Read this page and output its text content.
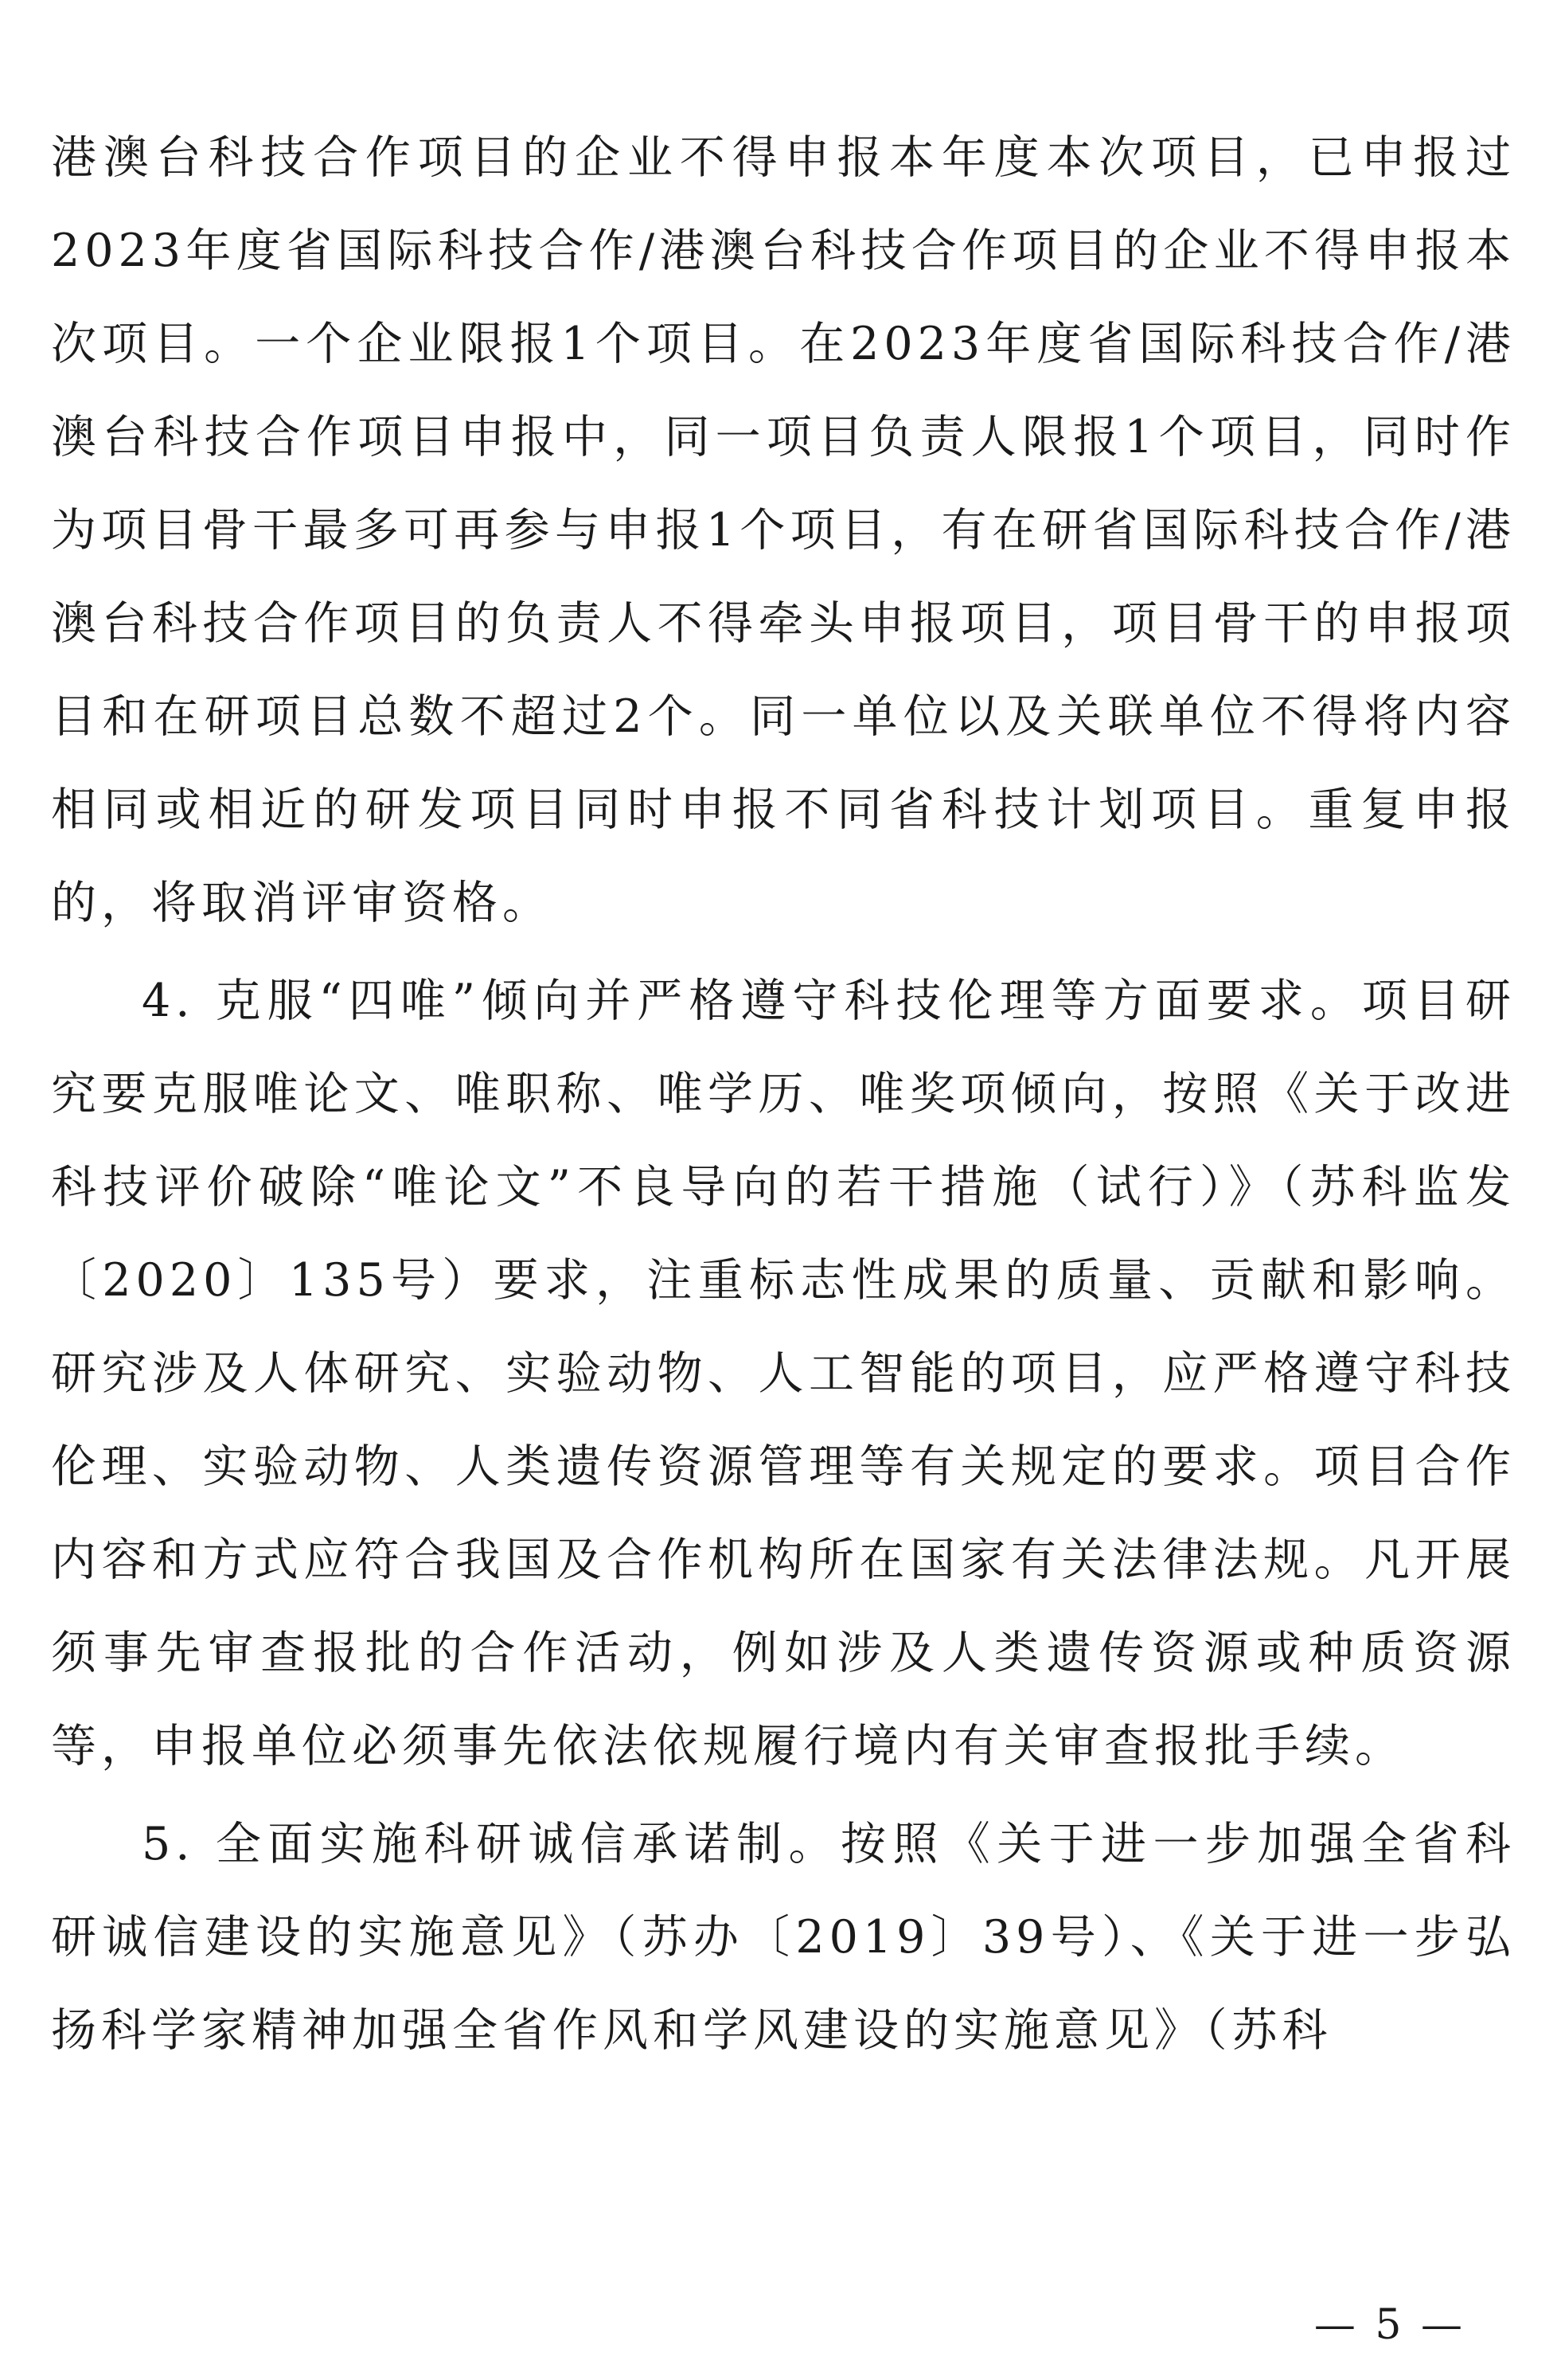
港澳台科技合作项目的企业不得申报本年度本次项目，已申报过2023年度省国际科技合作/港澳台科技合作项目的企业不得申报本次项目。一个企业限报1个项目。在2023年度省国际科技合作/港澳台科技合作项目申报中，同一项目负责人限报1个项目，同时作为项目骨干最多可再参与申报1个项目，有在研省国际科技合作/港澳台科技合作项目的负责人不得牵头申报项目，项目骨干的申报项目和在研项目总数不超过2个。同一单位以及关联单位不得将内容相同或相近的研发项目同时申报不同省科技计划项目。重复申报的，将取消评审资格。

4. 克服“四唯”倾向并严格遵守科技伦理等方面要求。项目研究要克服唯论文、唯职称、唯学历、唯奖项倾向，按照《关于改进科技评价破除“唯论文”不良导向的若干措施（试行）》（苏科监发〔2020〕135号）要求，注重标志性成果的质量、贡献和影响。研究涉及人体研究、实验动物、人工智能的项目，应严格遵守科技伦理、实验动物、人类遗传资源管理等有关规定的要求。项目合作内容和方式应符合我国及合作机构所在国家有关法律法规。凡开展须事先审查报批的合作活动，例如涉及人类遗传资源或种质资源等，申报单位必须事先依法依规履行境内有关审查报批手续。

5. 全面实施科研诚信承诺制。按照《关于进一步加强全省科研诚信建设的实施意见》（苏办〔2019〕39号）、《关于进一步弘扬科学家精神加强全省作风和学风建设的实施意见》（苏科

— 5 —
